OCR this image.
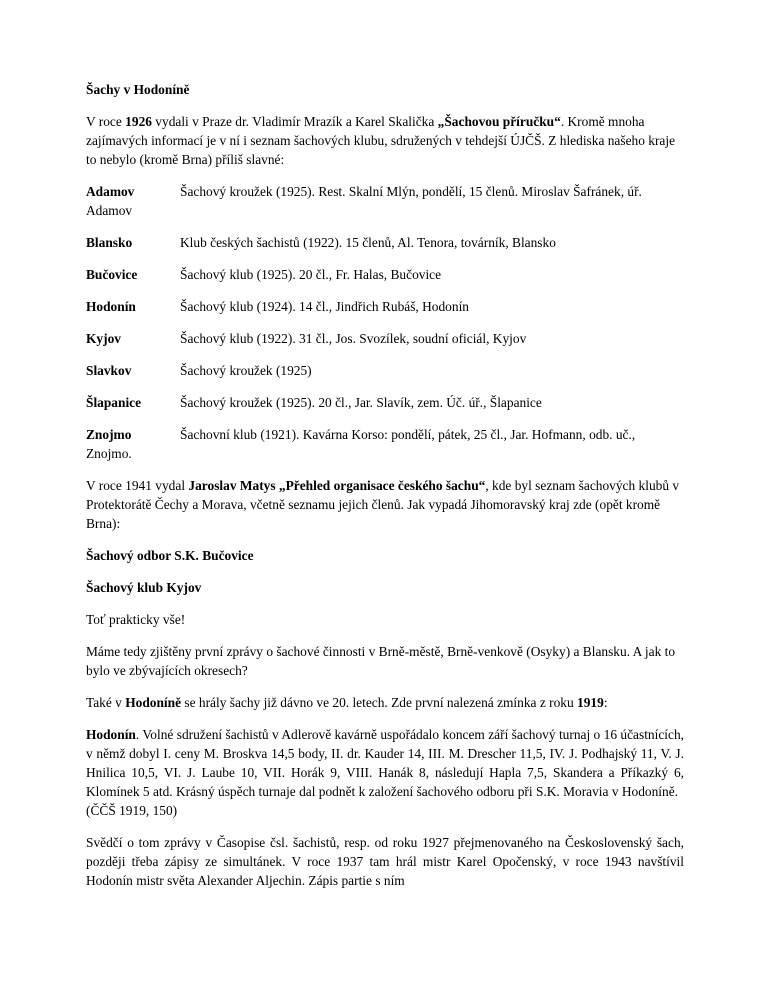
Šachy v Hodoníně
V roce 1926 vydali v Praze dr. Vladimír Mrazík a Karel Skalička „Šachovou příručku“. Kromě mnoha zajímavých informací je v ní i seznam šachových klubu, sdružených v tehdejší ÚJČŠ. Z hlediska našeho kraje to nebylo (kromě Brna) příliš slavné:
Adamov	Šachový kroužek (1925). Rest. Skalní Mlýn, pondělí, 15 členů. Miroslav Šafránek, úř. Adamov
Blansko	Klub českých šachistů (1922). 15 členů, Al. Tenora, továrník, Blansko
Bučovice	Šachový klub (1925). 20 čl., Fr. Halas, Bučovice
Hodonín	Šachový klub (1924). 14 čl., Jindřich Rubáš, Hodonín
Kyjov	Šachový klub (1922). 31 čl., Jos. Svozílek, soudní oficiál, Kyjov
Slavkov	Šachový kroužek (1925)
Šlapanice	Šachový kroužek (1925). 20 čl., Jar. Slavík, zem. Úč. úř., Šlapanice
Znojmo	Šachovní klub (1921). Kavárna Korso: pondělí, pátek, 25 čl., Jar. Hofmann, odb. uč., Znojmo.
V roce 1941 vydal Jaroslav Matys „Přehled organisace českého šachu“, kde byl seznam šachových klubů v Protektorátě Čechy a Morava, včetně seznamu jejich členů. Jak vypadá Jihomoravský kraj zde (opět kromě Brna):
Šachový odbor S.K. Bučovice
Šachový klub Kyjov
Toť prakticky vše!
Máme tedy zjištěny první zprávy o šachové činnosti v Brně-městě, Brně-venkově (Osyky) a Blansku. A jak to bylo ve zbývajících okresech?
Také v Hodoníně se hrály šachy již dávno ve 20. letech. Zde první nalezená zmínka z roku 1919:
Hodonín. Volné sdružení šachistů v Adlerově kavárně uspořádalo koncem září šachový turnaj o 16 účastnících, v němž dobyl I. ceny M. Broskva 14,5 body, II. dr. Kauder 14, III. M. Drescher 11,5, IV. J. Podhajský 11, V. J. Hnilica 10,5, VI. J. Laube 10, VII. Horák 9, VIII. Hanák 8, následují Hapla 7,5, Skandera a Příkazký 6, Klomínek 5 atd. Krásný úspěch turnaje dal podnět k založení šachového odboru při S.K. Moravia v Hodoníně.
(ČČŠ 1919, 150)
Svědčí o tom zprávy v Časopise čsl. šachistů, resp. od roku 1927 přejmenovaného na Československý šach, později třeba zápisy ze simultánek. V roce 1937 tam hrál mistr Karel Opočenský, v roce 1943 navštívil Hodonín mistr světa Alexander Aljechin. Zápis partie s ním
